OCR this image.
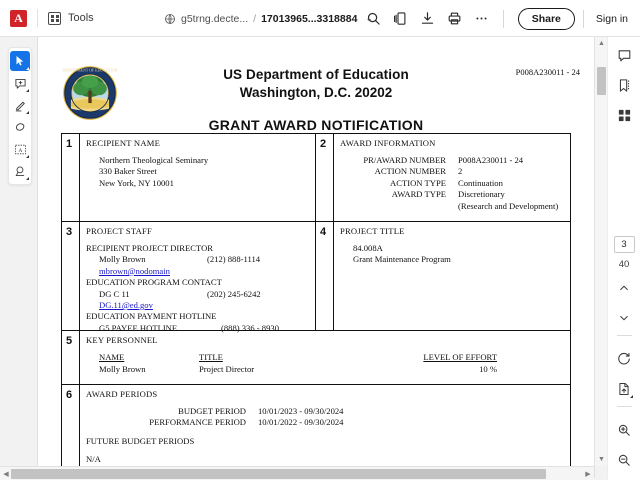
A	Tools	g5trng.decte... / 17013965...3318884 ⌄	Share	Sign in
DEPARTMENT OF EDUCATION	P008A230011 - 24
US Department of Education
Washington, D.C. 20202
GRANT AWARD NOTIFICATION
1 RECIPIENT NAME
Northern Theological Seminary
330 Baker Street
New York, NY 10001
2 AWARD INFORMATION
PR/AWARD NUMBER	P008A230011 - 24
ACTION NUMBER	2
ACTION TYPE	Continuation
AWARD TYPE	Discretionary
(Research and Development)
3 PROJECT STAFF
RECIPIENT PROJECT DIRECTOR
Molly Brown	(212) 888-1114
mbrown@nodomain
EDUCATION PROGRAM CONTACT
DG C 11	(202) 245-6242
DG.11@ed.gov
EDUCATION PAYMENT HOTLINE
G5 PAYEE HOTLINE	(888) 336 - 8930
4 PROJECT TITLE
84.008A
Grant Maintenance Program
5 KEY PERSONNEL
NAME	TITLE	LEVEL OF EFFORT
Molly Brown	Project Director	10 %
6 AWARD PERIODS
BUDGET PERIOD	10/01/2023 - 09/30/2024
PERFORMANCE PERIOD	10/01/2022 - 09/30/2024
FUTURE BUDGET PERIODS
N/A
▲
▼
◀	▶
A
3
40
